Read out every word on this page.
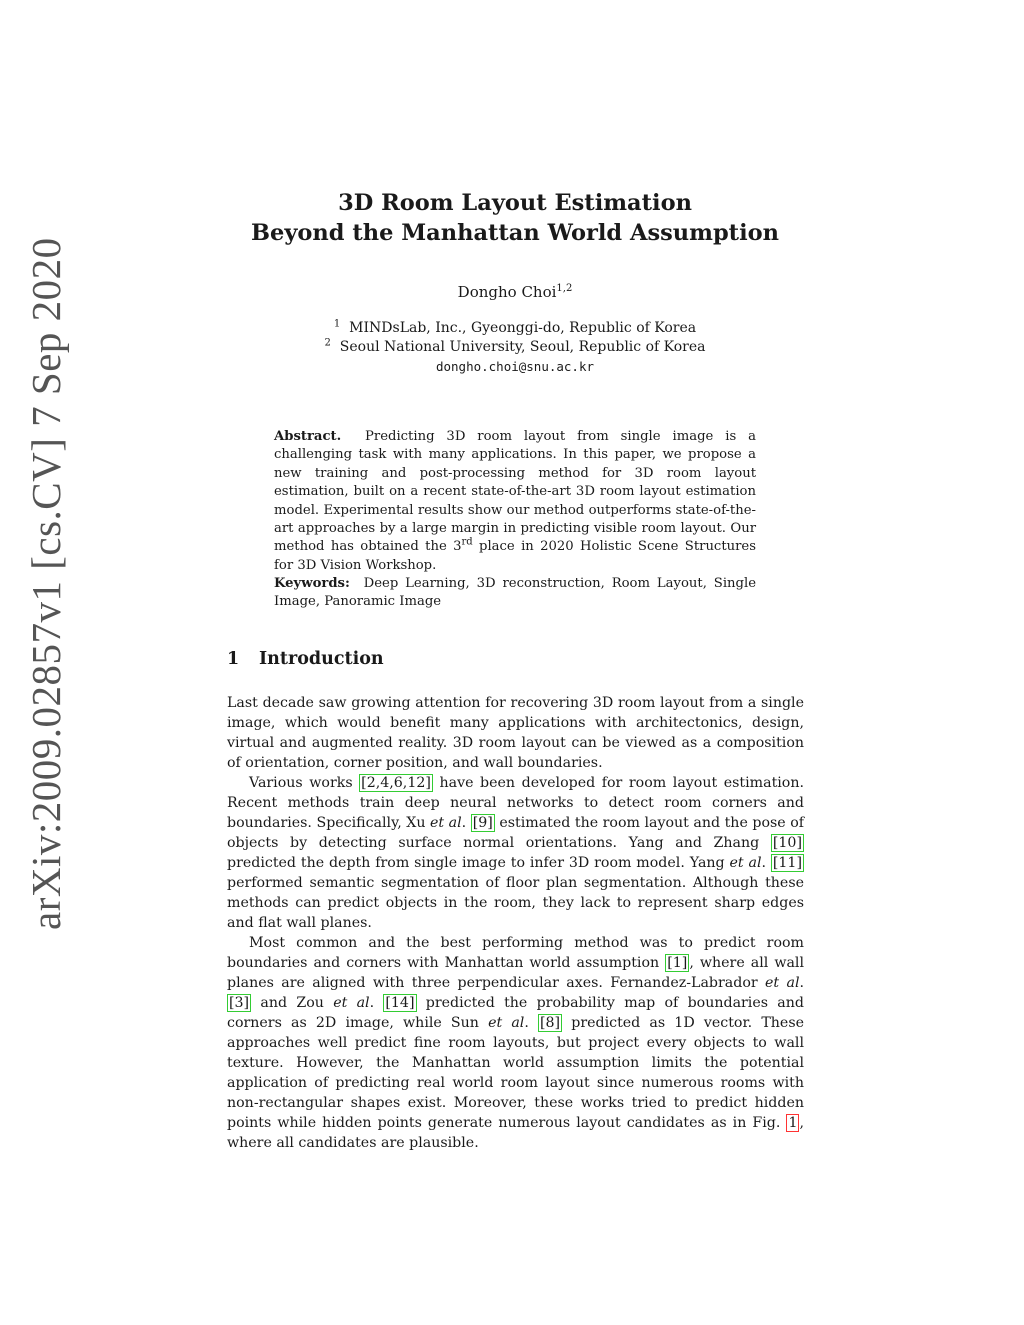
arXiv:2009.02857v1 [cs.CV] 7 Sep 2020
3D Room Layout Estimation
Beyond the Manhattan World Assumption
Dongho Choi$^{1,2}$
$^1$ MINDsLab, Inc., Gyeonggi-do, Republic of Korea
$^2$ Seoul National University, Seoul, Republic of Korea
dongho.choi@snu.ac.kr
Abstract. Predicting 3D room layout from single image is a challenging task with many applications. In this paper, we propose a new training and post-processing method for 3D room layout estimation, built on a recent state-of-the-art 3D room layout estimation model. Experimental results show our method outperforms state-of-the-art approaches by a large margin in predicting visible room layout. Our method has obtained the 3rd place in 2020 Holistic Scene Structures for 3D Vision Workshop.
Keywords: Deep Learning, 3D reconstruction, Room Layout, Single Image, Panoramic Image
1 Introduction

Last decade saw growing attention for recovering 3D room layout from a single image, which would benefit many applications with architectonics, design, virtual and augmented reality. 3D room layout can be viewed as a composition of orientation, corner position, and wall boundaries.

Various works [2,4,6,12] have been developed for room layout estimation. Recent methods train deep neural networks to detect room corners and boundaries. Specifically, Xu et al. [9] estimated the room layout and the pose of objects by detecting surface normal orientations. Yang and Zhang [10] predicted the depth from single image to infer 3D room model. Yang et al. [11] performed semantic segmentation of floor plan segmentation. Although these methods can predict objects in the room, they lack to represent sharp edges and flat wall planes.

Most common and the best performing method was to predict room boundaries and corners with Manhattan world assumption [1] , where all wall planes are aligned with three perpendicular axes. Fernandez-Labrador et al. [3] and Zou et al. [14] predicted the probability map of boundaries and corners as 2D image, while Sun et al. [8] predicted as 1D vector. These approaches well predict fine room layouts, but project every objects to wall texture. However, the Manhattan world assumption limits the potential application of predicting real world room layout since numerous rooms with non-rectangular shapes exist. Moreover, these works tried to predict hidden points while hidden points generate numerous layout candidates as in Fig. 1 , where all candidates are plausible.
